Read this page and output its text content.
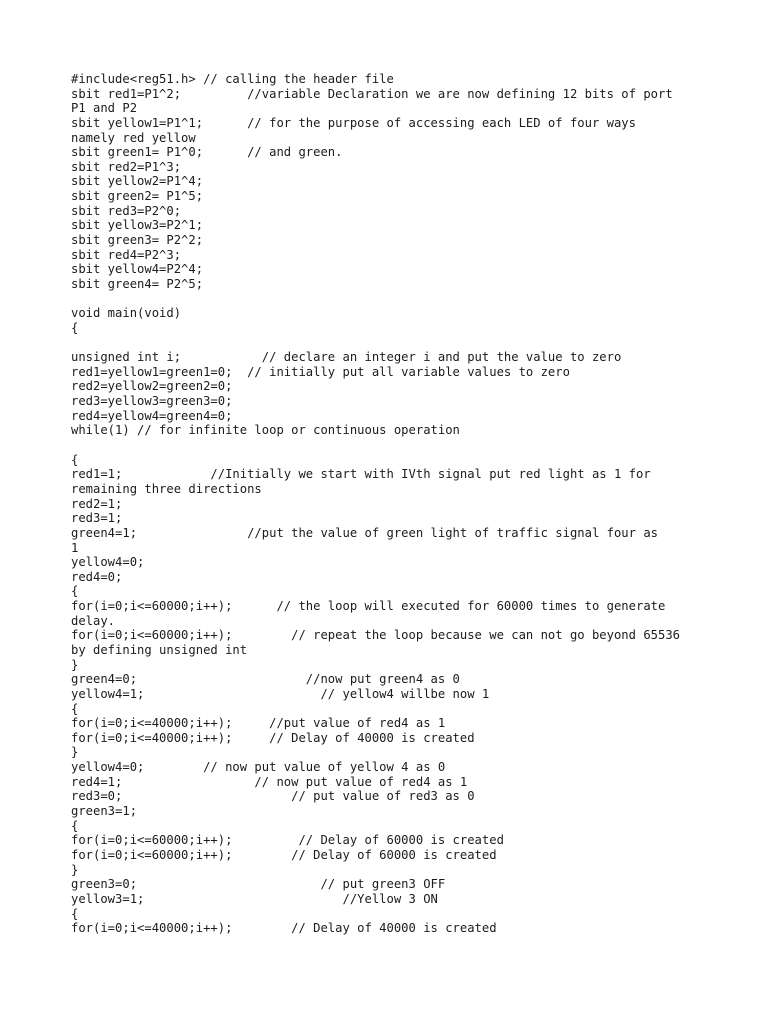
#include<reg51.h> // calling the header file
sbit red1=P1^2;         //variable Declaration we are now defining 12 bits of port
P1 and P2
sbit yellow1=P1^1;      // for the purpose of accessing each LED of four ways
namely red yellow
sbit green1= P1^0;      // and green.
sbit red2=P1^3;
sbit yellow2=P1^4;
sbit green2= P1^5;
sbit red3=P2^0;
sbit yellow3=P2^1;
sbit green3= P2^2;
sbit red4=P2^3;
sbit yellow4=P2^4;
sbit green4= P2^5;
void main(void)
{
unsigned int i;           // declare an integer i and put the value to zero
red1=yellow1=green1=0;  // initially put all variable values to zero
red2=yellow2=green2=0;
red3=yellow3=green3=0;
red4=yellow4=green4=0;
while(1) // for infinite loop or continuous operation
{
red1=1;            //Initially we start with IVth signal put red light as 1 for
remaining three directions
red2=1;
red3=1;
green4=1;               //put the value of green light of traffic signal four as
1
yellow4=0;
red4=0;
{
for(i=0;i<=60000;i++);      // the loop will executed for 60000 times to generate
delay.
for(i=0;i<=60000;i++);        // repeat the loop because we can not go beyond 65536
by defining unsigned int
}
green4=0;                       //now put green4 as 0
yellow4=1;                        // yellow4 willbe now 1
{
for(i=0;i<=40000;i++);     //put value of red4 as 1
for(i=0;i<=40000;i++);     // Delay of 40000 is created
}
yellow4=0;        // now put value of yellow 4 as 0
red4=1;                  // now put value of red4 as 1
red3=0;                       // put value of red3 as 0
green3=1;
{
for(i=0;i<=60000;i++);         // Delay of 60000 is created
for(i=0;i<=60000;i++);        // Delay of 60000 is created
}
green3=0;                         // put green3 OFF
yellow3=1;                           //Yellow 3 ON
{
for(i=0;i<=40000;i++);        // Delay of 40000 is created
